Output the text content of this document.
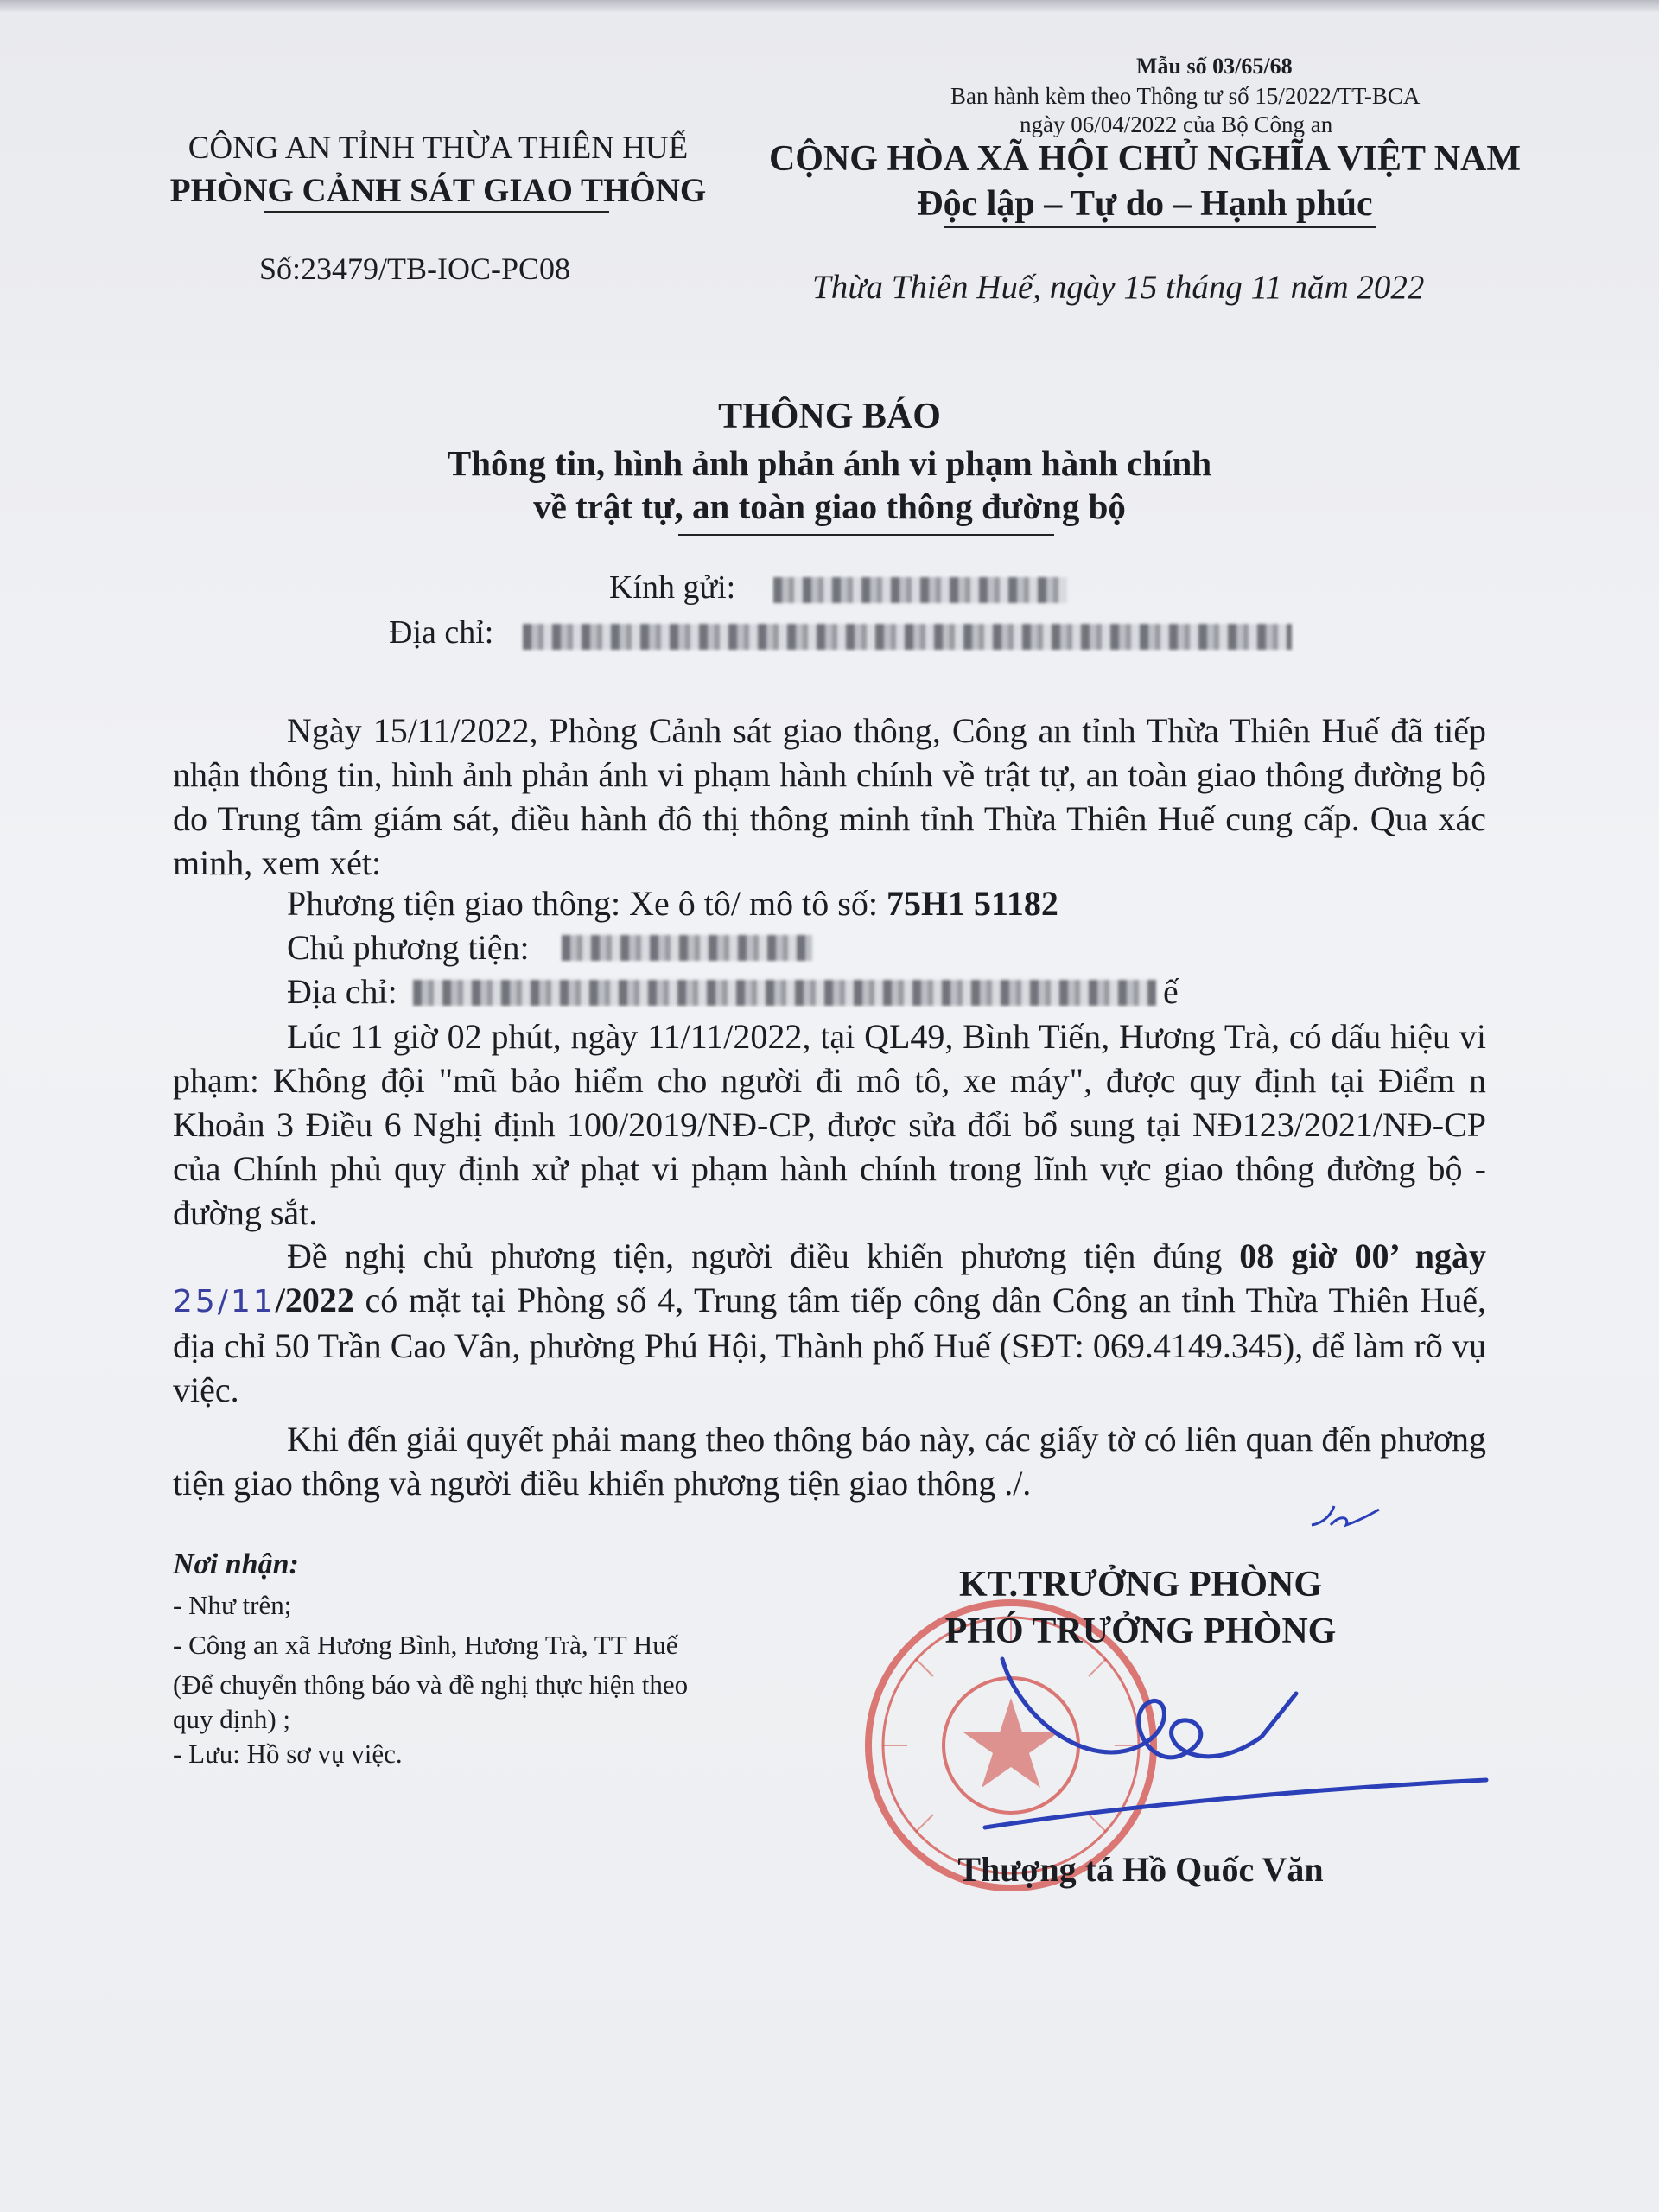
Mẫu số 03/65/68
Ban hành kèm theo Thông tư số 15/2022/TT-BCA
ngày 06/04/2022 của Bộ Công an
CÔNG AN TỈNH THỪA THIÊN HUẾ
PHÒNG CẢNH SÁT GIAO THÔNG
CỘNG HÒA XÃ HỘI CHỦ NGHĨA VIỆT NAM
Độc lập – Tự do – Hạnh phúc
Số:23479/TB-IOC-PC08	Thừa Thiên Huế, ngày 15 tháng 11 năm 2022
THÔNG BÁO
Thông tin, hình ảnh phản ánh vi phạm hành chính
về trật tự, an toàn giao thông đường bộ
Kính gửi:
Địa chỉ:
Ngày 15/11/2022, Phòng Cảnh sát giao thông, Công an tỉnh Thừa Thiên Huế đã tiếp nhận thông tin, hình ảnh phản ánh vi phạm hành chính về trật tự, an toàn giao thông đường bộ do Trung tâm giám sát, điều hành đô thị thông minh tỉnh Thừa Thiên Huế cung cấp. Qua xác minh, xem xét:
Phương tiện giao thông: Xe ô tô/ mô tô số: 75H1 51182
Chủ phương tiện:
Địa chỉ:	ế
Lúc 11 giờ 02 phút, ngày 11/11/2022, tại QL49, Bình Tiến, Hương Trà, có dấu hiệu vi phạm: Không đội "mũ bảo hiểm cho người đi mô tô, xe máy", được quy định tại Điểm n Khoản 3 Điều 6 Nghị định 100/2019/NĐ-CP, được sửa đổi bổ sung tại NĐ123/2021/NĐ-CP của Chính phủ quy định xử phạt vi phạm hành chính trong lĩnh vực giao thông đường bộ - đường sắt.
Đề nghị chủ phương tiện, người điều khiển phương tiện đúng 08 giờ 00’ ngày 25/11/2022 có mặt tại Phòng số 4, Trung tâm tiếp công dân Công an tỉnh Thừa Thiên Huế, địa chỉ 50 Trần Cao Vân, phường Phú Hội, Thành phố Huế (SĐT: 069.4149.345), để làm rõ vụ việc.
Khi đến giải quyết phải mang theo thông báo này, các giấy tờ có liên quan đến phương tiện giao thông và người điều khiển phương tiện giao thông ./.
Nơi nhận:
- Như trên;
- Công an xã Hương Bình, Hương Trà, TT Huế
(Để chuyển thông báo và đề nghị thực hiện theo
quy định) ;
- Lưu: Hồ sơ vụ việc.
KT.TRƯỞNG PHÒNG
PHÓ TRƯỞNG PHÒNG
Thượng tá Hồ Quốc Văn
